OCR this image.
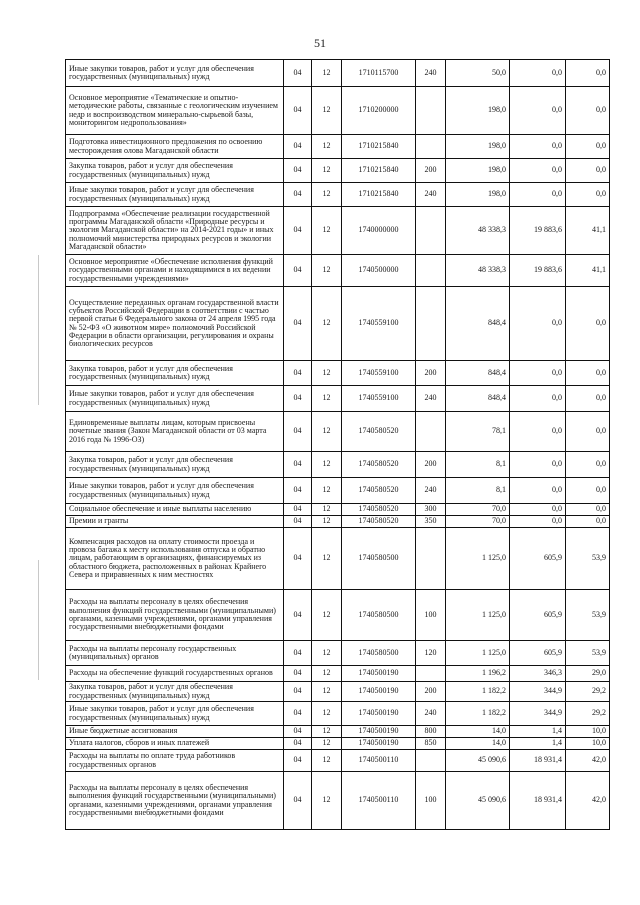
51
Иные закупки товаров, работ и услуг для обеспечения государственных (муниципальных) нужд	04	12	1710115700	240	50,0	0,0	0,0
Основное мероприятие «Тематические и опытно-методические работы, связанные с геологическим изучением недр и воспроизводством минерально-сырьевой базы, мониторингом недропользования»	04	12	1710200000		198,0	0,0	0,0
Подготовка инвестиционного предложения по освоению месторождения олова Магаданской области	04	12	1710215840		198,0	0,0	0,0
Закупка товаров, работ и услуг для обеспечения государственных (муниципальных) нужд	04	12	1710215840	200	198,0	0,0	0,0
Иные закупки товаров, работ и услуг для обеспечения государственных (муниципальных) нужд	04	12	1710215840	240	198,0	0,0	0,0
Подпрограмма «Обеспечение реализации государственной программы Магаданской области «Природные ресурсы и экология Магаданской области» на 2014-2021 годы» и иных полномочий министерства природных ресурсов и экологии Магаданской области»	04	12	1740000000		48 338,3	19 883,6	41,1
Основное мероприятие «Обеспечение исполнения функций государственными органами и находящимися в их ведении государственными учреждениями»	04	12	1740500000		48 338,3	19 883,6	41,1
Осуществление переданных органам государственной власти субъектов Российской Федерации в соответствии с частью первой статьи 6 Федерального закона от 24 апреля 1995 года № 52-ФЗ «О животном мире» полномочий Российской Федерации в области организации, регулирования и охраны биологических ресурсов	04	12	1740559100		848,4	0,0	0,0
Закупка товаров, работ и услуг для обеспечения государственных (муниципальных) нужд	04	12	1740559100	200	848,4	0,0	0,0
Иные закупки товаров, работ и услуг для обеспечения государственных (муниципальных) нужд	04	12	1740559100	240	848,4	0,0	0,0
Единовременные выплаты лицам, которым присвоены почетные звания (Закон Магаданской области от 03 марта 2016 года № 1996-ОЗ)	04	12	1740580520		78,1	0,0	0,0
Закупка товаров, работ и услуг для обеспечения государственных (муниципальных) нужд	04	12	1740580520	200	8,1	0,0	0,0
Иные закупки товаров, работ и услуг для обеспечения государственных (муниципальных) нужд	04	12	1740580520	240	8,1	0,0	0,0
Социальное обеспечение и иные выплаты населению	04	12	1740580520	300	70,0	0,0	0,0
Премии и гранты	04	12	1740580520	350	70,0	0,0	0,0
Компенсация расходов на оплату стоимости проезда и провоза багажа к месту использования отпуска и обратно лицам, работающим в организациях, финансируемых из областного бюджета, расположенных в районах Крайнего Севера и приравненных к ним местностях	04	12	1740580500		1 125,0	605,9	53,9
Расходы на выплаты персоналу в целях обеспечения выполнения функций государственными (муниципальными) органами, казенными учреждениями, органами управления государственными внебюджетными фондами	04	12	1740580500	100	1 125,0	605,9	53,9
Расходы на выплаты персоналу государственных (муниципальных) органов	04	12	1740580500	120	1 125,0	605,9	53,9
Расходы на обеспечение функций государственных органов	04	12	1740500190		1 196,2	346,3	29,0
Закупка товаров, работ и услуг для обеспечения государственных (муниципальных) нужд	04	12	1740500190	200	1 182,2	344,9	29,2
Иные закупки товаров, работ и услуг для обеспечения государственных (муниципальных) нужд	04	12	1740500190	240	1 182,2	344,9	29,2
Иные бюджетные ассигнования	04	12	1740500190	800	14,0	1,4	10,0
Уплата налогов, сборов и иных платежей	04	12	1740500190	850	14,0	1,4	10,0
Расходы на выплаты по оплате труда работников государственных органов	04	12	1740500110		45 090,6	18 931,4	42,0
Расходы на выплаты персоналу в целях обеспечения выполнения функций государственными (муниципальными) органами, казенными учреждениями, органами управления государственными внебюджетными фондами	04	12	1740500110	100	45 090,6	18 931,4	42,0
